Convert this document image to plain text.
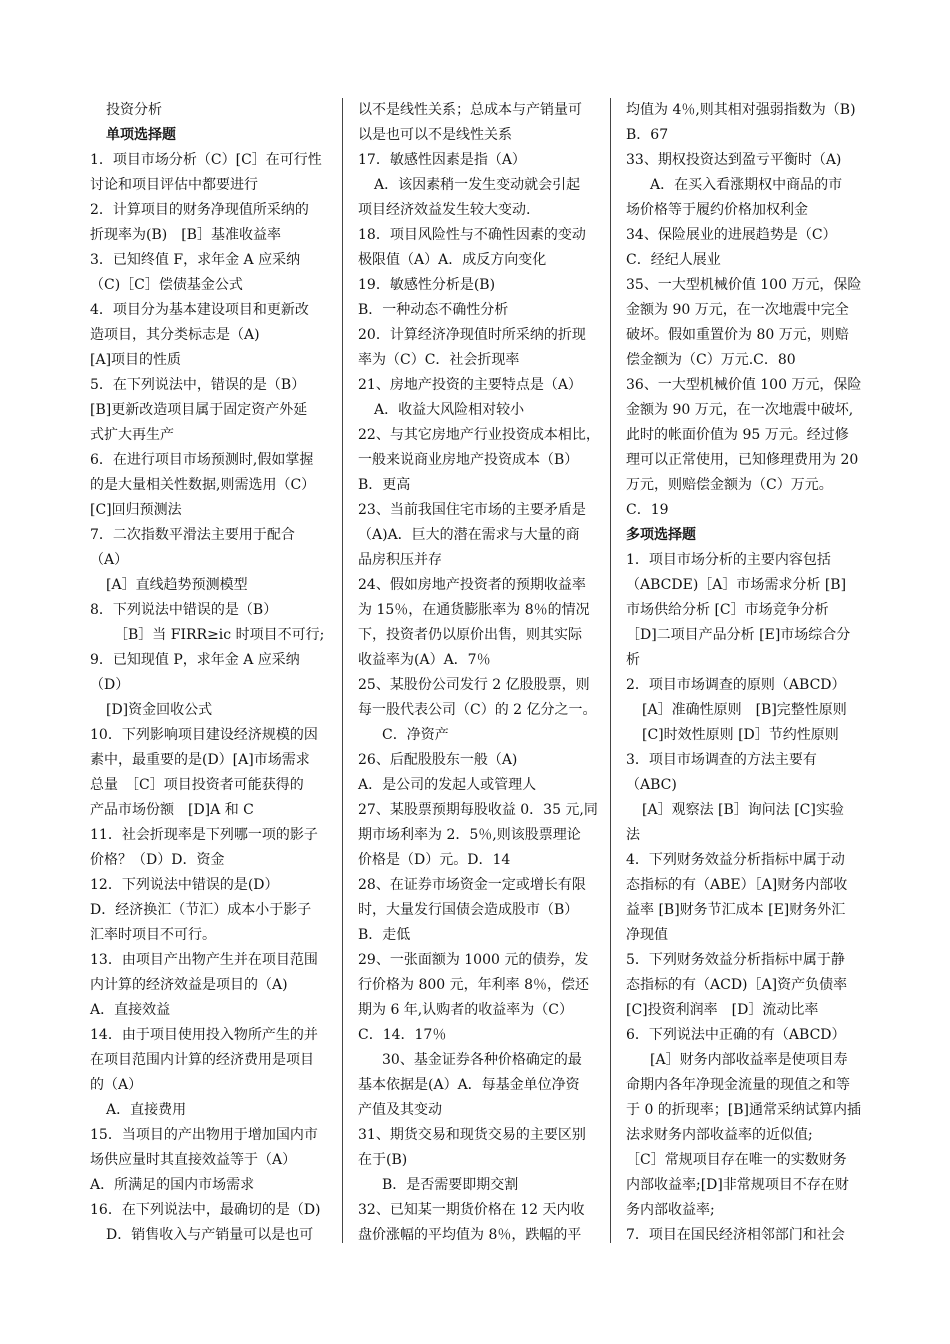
投资分析
单项选择题
1．项目市场分析（C）[C］在可行性
讨论和项目评估中都要进行
2．计算项目的财务净现值所采纳的
折现率为(B)　[B］基准收益率
3．已知终值 F，求年金 A 应采纳
（C)［C］偿债基金公式
4．项目分为基本建设项目和更新改
造项目，其分类标志是（A)
[A]项目的性质
5．在下列说法中，错误的是（B）
[B]更新改造项目属于固定资产外延
式扩大再生产
6．在进行项目市场预测时,假如掌握
的是大量相关性数据,则需选用（C）
[C]回归预测法
7．二次指数平滑法主要用于配合
（A）
[A］直线趋势预测模型
8．下列说法中错误的是（B）
［B］当 FIRR≥ic 时项目不可行;
9．已知现值 P，求年金 A 应采纳
（D）
[D]资金回收公式
10．下列影响项目建设经济规模的因
素中，最重要的是(D）[A]市场需求
总量　［C］项目投资者可能获得的
产品市场份额　[D]A 和 C
11．社会折现率是下列哪一项的影子
价格？（D）D．资金
12．下列说法中错误的是(D）
D．经济换汇（节汇）成本小于影子
汇率时项目不可行。
13．由项目产出物产生并在项目范围
内计算的经济效益是项目的（A)
A．直接效益
14．由于项目使用投入物所产生的并
在项目范围内计算的经济费用是项目
的（A）
A．直接费用
15．当项目的产出物用于增加国内市
场供应量时其直接效益等于（A）
A．所满足的国内市场需求
16．在下列说法中，最确切的是（D)
D．销售收入与产销量可以是也可
以不是线性关系；总成本与产销量可
以是也可以不是线性关系
17．敏感性因素是指（A）
A．该因素稍一发生变动就会引起
项目经济效益发生较大变动.
18．项目风险性与不确性因素的变动
极限值（A）A．成反方向变化
19．敏感性分析是(B)
B．一种动态不确性分析
20．计算经济净现值时所采纳的折现
率为（C）C．社会折现率
21、房地产投资的主要特点是（A）
A．收益大风险相对较小
22、与其它房地产行业投资成本相比，
一般来说商业房地产投资成本（B）
B．更高
23、当前我国住宅市场的主要矛盾是
（A)A．巨大的潜在需求与大量的商
品房积压并存
24、假如房地产投资者的预期收益率
为 15％，在通货膨胀率为 8％的情况
下，投资者仍以原价出售，则其实际
收益率为(A）A．7％
25、某股份公司发行 2 亿股股票，则
每一股代表公司（C）的 2 亿分之一。
C．净资产
26、后配股股东一般（A)
A．是公司的发起人或管理人
27、某股票预期每股收益 0．35 元,同
期市场利率为 2．5％,则该股票理论
价格是（D）元。D．14
28、在证券市场资金一定或增长有限
时，大量发行国债会造成股市（B）
B．走低
29、一张面额为 1000 元的债券，发
行价格为 800 元，年利率 8％，偿还
期为 6 年,认购者的收益率为（C）
C．14．17％
30、基金证券各种价格确定的最
基本依据是(A）A．每基金单位净资
产值及其变动
31、期货交易和现货交易的主要区别
在于(B)
B．是否需要即期交割
32、已知某一期货价格在 12 天内收
盘价涨幅的平均值为 8％，跌幅的平
均值为 4％,则其相对强弱指数为（B)
B．67
33、期权投资达到盈亏平衡时（A)
A．在买入看涨期权中商品的市
场价格等于履约价格加权利金
34、保险展业的进展趋势是（C）
C．经纪人展业
35、一大型机械价值 100 万元，保险
金额为 90 万元，在一次地震中完全
破坏。假如重置价为 80 万元，则赔
偿金额为（C）万元.C．80
36、一大型机械价值 100 万元，保险
金额为 90 万元，在一次地震中破坏,
此时的帐面价值为 95 万元。经过修
理可以正常使用，已知修理费用为 20
万元，则赔偿金额为（C）万元。
C．19
多项选择题
1．项目市场分析的主要内容包括
（ABCDE)［A］市场需求分析 [B]
市场供给分析 [C］市场竞争分析
［D]二项目产品分析 [E]市场综合分
析
2．项目市场调查的原则（ABCD）
[A］准确性原则　[B]完整性原则
[C]时效性原则 [D］节约性原则
3．项目市场调查的方法主要有
（ABC)
[A］观察法 [B］询问法 [C]实验
法
4．下列财务效益分析指标中属于动
态指标的有（ABE）［A]财务内部收
益率 [B]财务节汇成本 [E]财务外汇
净现值
5．下列财务效益分析指标中属于静
态指标的有（ACD)［A]资产负债率
[C]投资利润率　[D］流动比率
6．下列说法中正确的有（ABCD）
[A］财务内部收益率是使项目寿
命期内各年净现金流量的现值之和等
于 0 的折现率；[B]通常采纳试算内插
法求财务内部收益率的近似值;
［C］常规项目存在唯一的实数财务
内部收益率;[D]非常规项目不存在财
务内部收益率;
7．项目在国民经济相邻部门和社会
